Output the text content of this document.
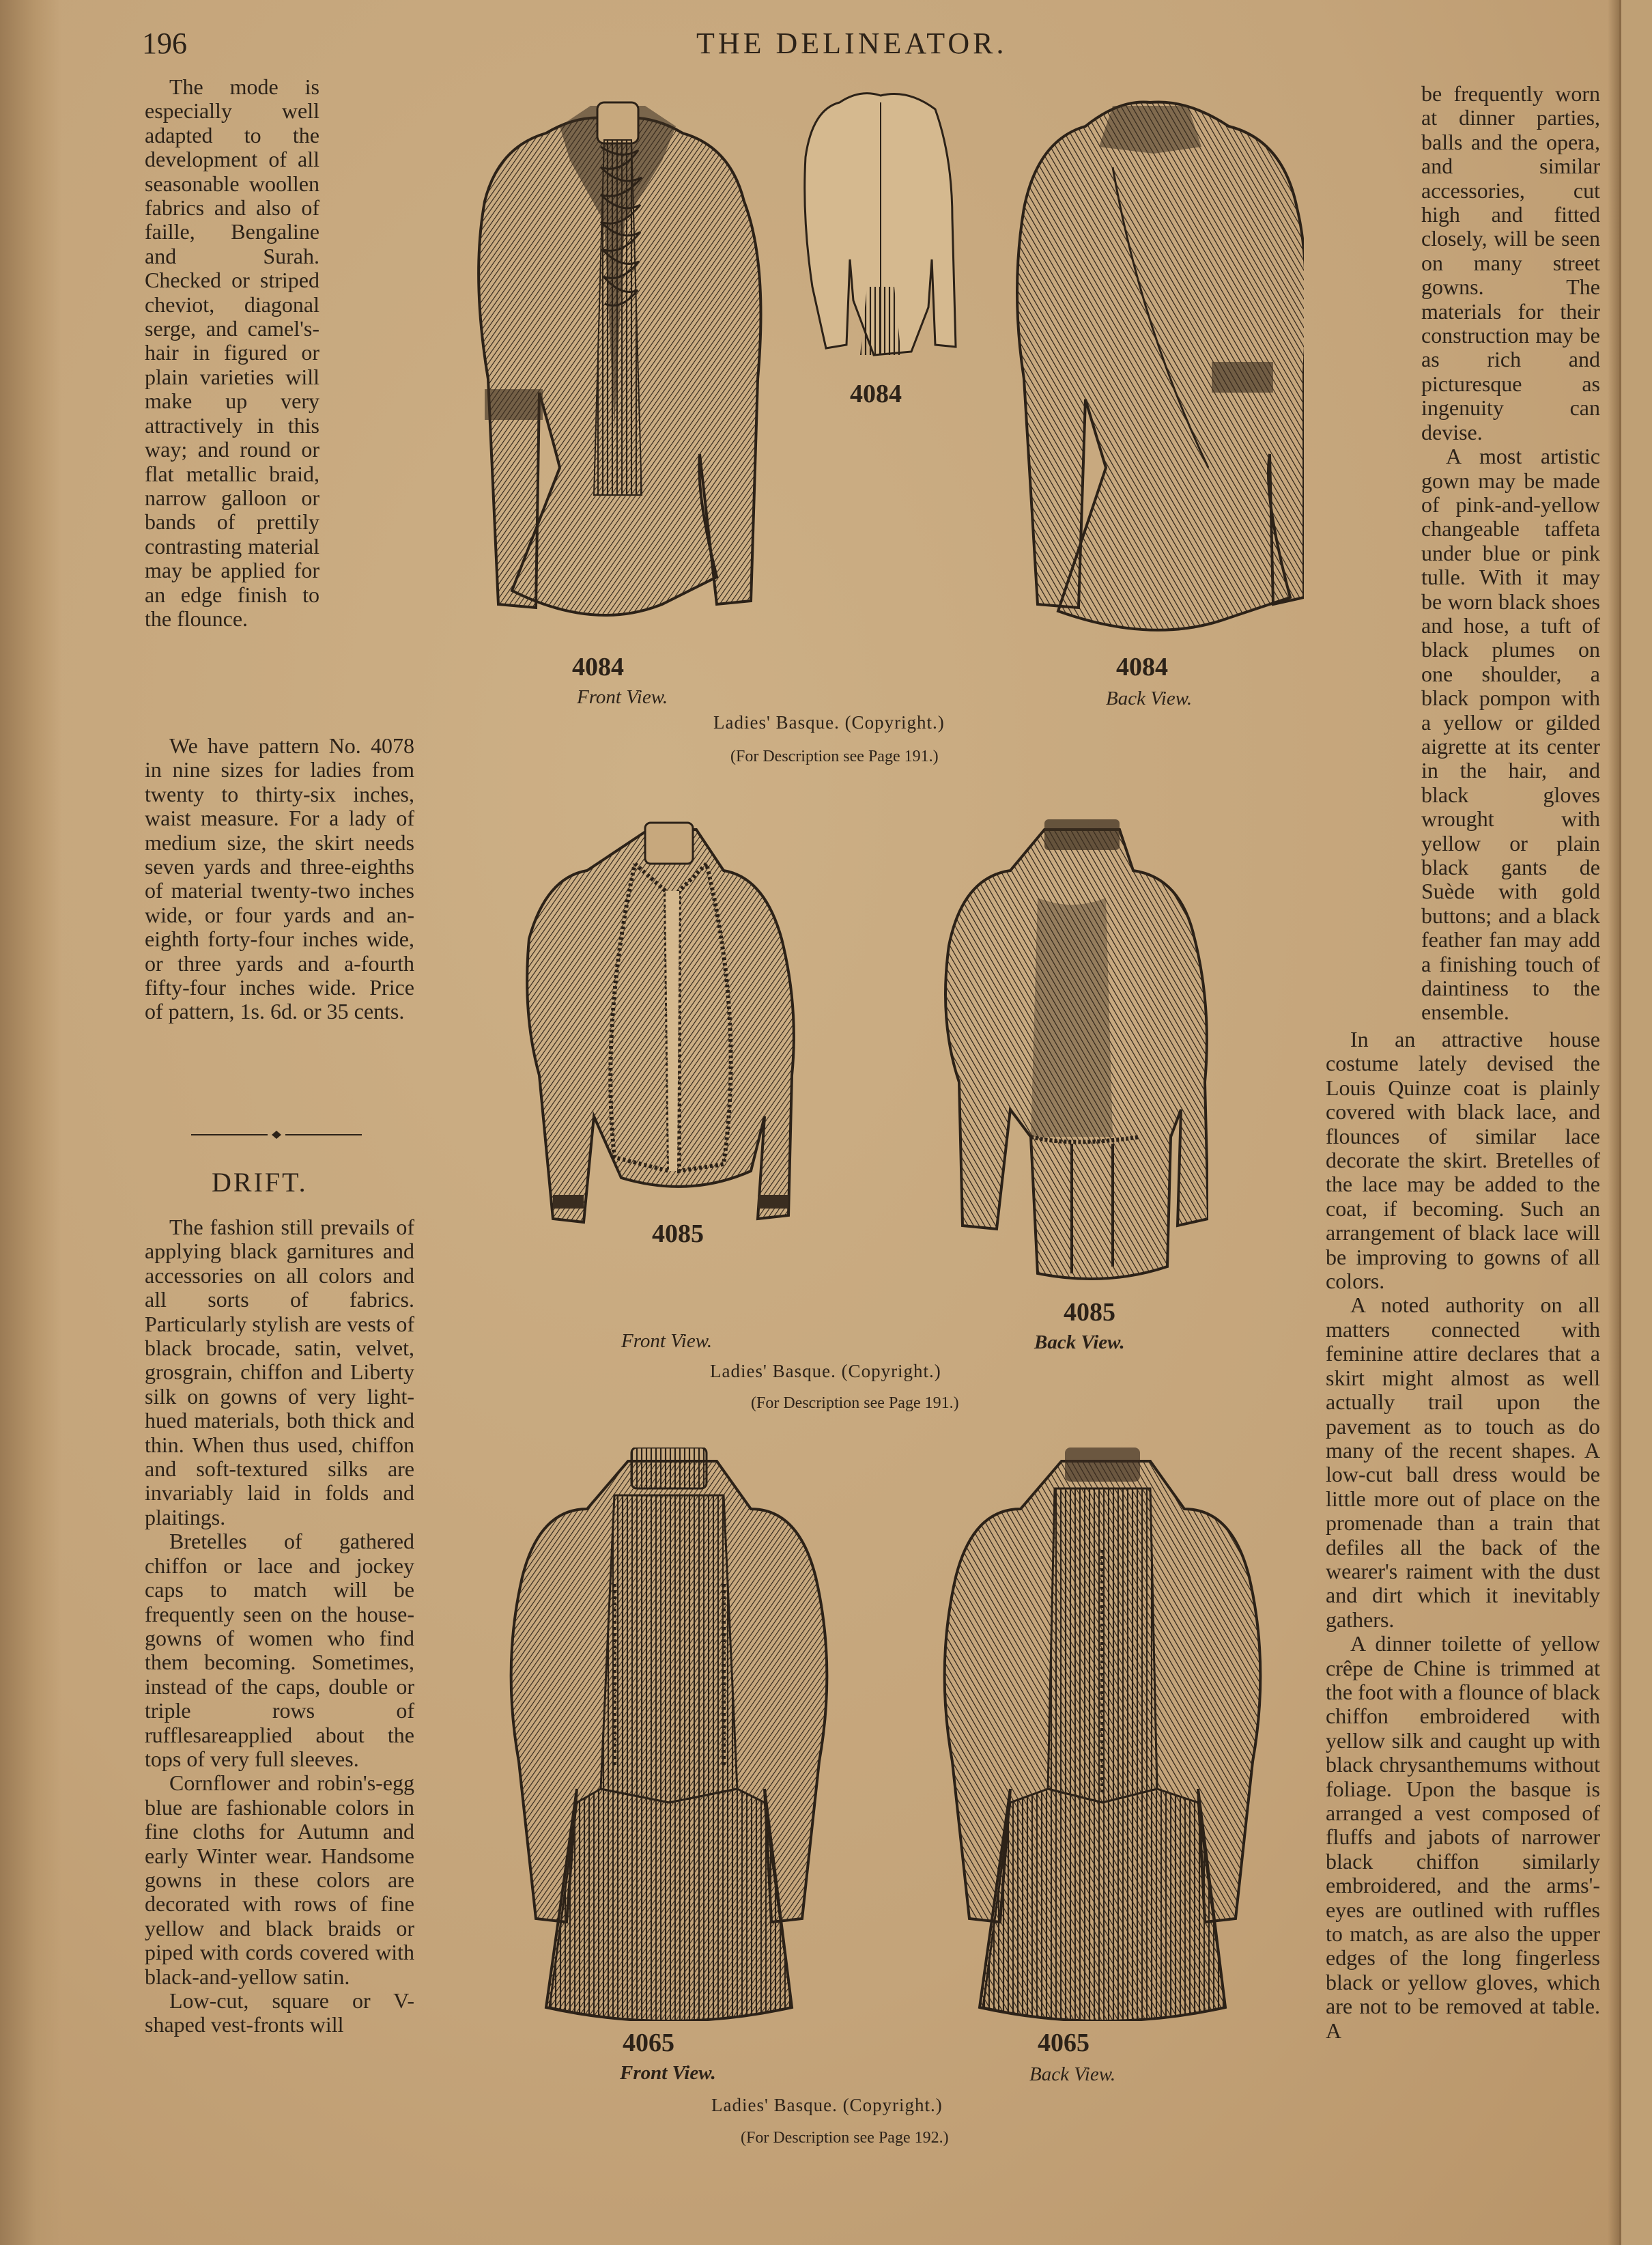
196	THE DELINEATOR.

The mode is especially well adapted to the development of all seasonable woollen fabrics and also of faille, Bengaline and Surah. Checked or striped cheviot, diagonal serge, and camel's-hair in figured or plain varieties will make up very attractively in this way; and round or flat metallic braid, narrow galloon or bands of prettily contrasting material may be applied for an edge finish to the flounce.

We have pattern No. 4078 in nine sizes for ladies from twenty to thirty-six inches, waist measure. For a lady of medium size, the skirt needs seven yards and three-eighths of material twenty-two inches wide, or four yards and an-eighth forty-four inches wide, or three yards and a-fourth fifty-four inches wide. Price of pattern, 1s. 6d. or 35 cents.

DRIFT.

The fashion still prevails of applying black garnitures and accessories on all colors and all sorts of fabrics. Particularly stylish are vests of black brocade, satin, velvet, grosgrain, chiffon and Liberty silk on gowns of very light-hued materials, both thick and thin. When thus used, chiffon and soft-textured silks are invariably laid in folds and plaitings.

Bretelles of gathered chiffon or lace and jockey caps to match will be frequently seen on the house-gowns of women who find them becoming. Sometimes, instead of the caps, double or triple rows of rufflesareapplied about the tops of very full sleeves.

Cornflower and robin's-egg blue are fashionable colors in fine cloths for Autumn and early Winter wear. Handsome gowns in these colors are decorated with rows of fine yellow and black braids or piped with cords covered with black-and-yellow satin.

Low-cut, square or V-shaped vest-fronts will

be frequently worn at dinner parties, balls and the opera, and similar accessories, cut high and fitted closely, will be seen on many street gowns. The materials for their construction may be as rich and picturesque as ingenuity can devise.

A most artistic gown may be made of pink-and-yellow changeable taffeta under blue or pink tulle. With it may be worn black shoes and hose, a tuft of black plumes on one shoulder, a black pompon with a yellow or gilded aigrette at its center in the hair, and black gloves wrought with yellow or plain black gants de Suède with gold buttons; and a black feather fan may add a finishing touch of daintiness to the ensemble.

In an attractive house costume lately devised the Louis Quinze coat is plainly covered with black lace, and flounces of similar lace decorate the skirt. Bretelles of the lace may be added to the coat, if becoming. Such an arrangement of black lace will be improving to gowns of all colors.

A noted authority on all matters connected with feminine attire declares that a skirt might almost as well actually trail upon the pavement as to touch as do many of the recent shapes. A low-cut ball dress would be little more out of place on the promenade than a train that defiles all the back of the wearer's raiment with the dust and dirt which it inevitably gathers.

A dinner toilette of yellow crêpe de Chine is trimmed at the foot with a flounce of black chiffon embroidered with yellow silk and caught up with black chrysanthemums without foliage. Upon the basque is arranged a vest composed of fluffs and jabots of narrower black chiffon similarly embroidered, and the arms'-eyes are outlined with ruffles to match, as are also the upper edges of the long fingerless black or yellow gloves, which are not to be removed at table. A

4084
Front View.
4084
4084
Back View.
Ladies' Basque. (Copyright.)
(For Description see Page 191.)
4085
Front View.
4085
Back View.
Ladies' Basque. (Copyright.)
(For Description see Page 191.)
4065
Front View.
4065
Back View.
Ladies' Basque. (Copyright.)
(For Description see Page 192.)
